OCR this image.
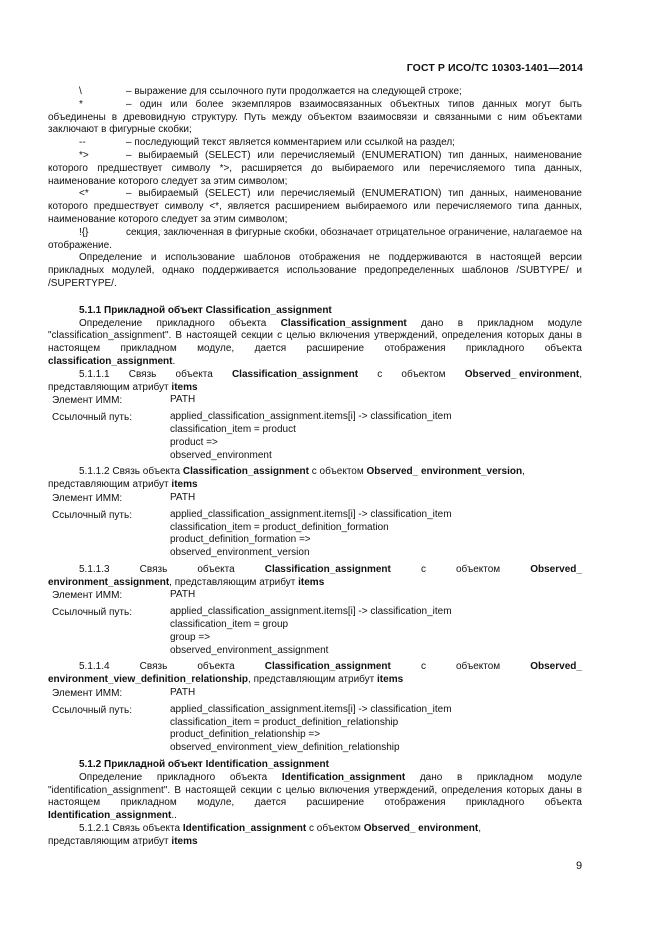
ГОСТ Р ИСО/ТС 10303-1401—2014

\	– выражение для ссылочного пути продолжается на следующей строке;

*	– один или более экземпляров взаимосвязанных объектных типов данных могут быть объединены в древовидную структуру. Путь между объектом взаимосвязи и связанными с ним объектами заключают в фигурные скобки;

--	– последующий текст является комментарием или ссылкой на раздел;

*>	– выбираемый (SELECT) или перечисляемый (ENUMERATION) тип данных, наименование которого предшествует символу *>, расширяется до выбираемого или перечисляемого типа данных, наименование которого следует за этим символом;

<*	– выбираемый (SELECT) или перечисляемый (ENUMERATION) тип данных, наименование которого предшествует символу <*, является расширением выбираемого или перечисляемого типа данных, наименование которого следует за этим символом;

!{}	секция, заключенная в фигурные скобки, обозначает отрицательное ограничение, налагаемое на отображение.

Определение и использование шаблонов отображения не поддерживаются в настоящей версии прикладных модулей, однако поддерживается использование предопределенных шаблонов /SUBTYPE/ и /SUPERTYPE/.

5.1.1 Прикладной объект Classification_assignment

Определение прикладного объекта Classification_assignment дано в прикладном модуле "classification_assignment". В настоящей секции с целью включения утверждений, определения которых даны в настоящем прикладном модуле, дается расширение отображения прикладного объекта classification_assignment.

5.1.1.1 Связь объекта Classification_assignment с объектом Observed_ environment,

представляющим атрибут items

Элемент ИММ:	PATH
Ссылочный путь:	applied_classification_assignment.items[i] -> classification_item
classification_item = product
product =>
observed_environment

5.1.1.2 Связь объекта Classification_assignment с объектом Observed_ environment_version,

представляющим атрибут items

Элемент ИММ:	PATH
Ссылочный путь:	applied_classification_assignment.items[i] -> classification_item
classification_item = product_definition_formation
product_definition_formation =>
observed_environment_version
5.1.1.3	Связь	объекта	Classification_assignment	с	объектом	Observed_

environment_assignment, представляющим атрибут items

Элемент ИММ:	PATH
Ссылочный путь:	applied_classification_assignment.items[i] -> classification_item
classification_item = group
group =>
observed_environment_assignment
5.1.1.4	Связь	объекта	Classification_assignment	с	объектом	Observed_

environment_view_definition_relationship, представляющим атрибут items

Элемент ИММ:	PATH
Ссылочный путь:	applied_classification_assignment.items[i] -> classification_item
classification_item = product_definition_relationship
product_definition_relationship =>
observed_environment_view_definition_relationship

5.1.2 Прикладной объект Identification_assignment

Определение прикладного объекта Identification_assignment дано в прикладном модуле "identification_assignment". В настоящей секции с целью включения утверждений, определения которых даны в настоящем прикладном модуле, дается расширение отображения прикладного объекта Identification_assignment..

5.1.2.1 Связь объекта Identification_assignment с объектом Observed_ environment,

представляющим атрибут items

9
